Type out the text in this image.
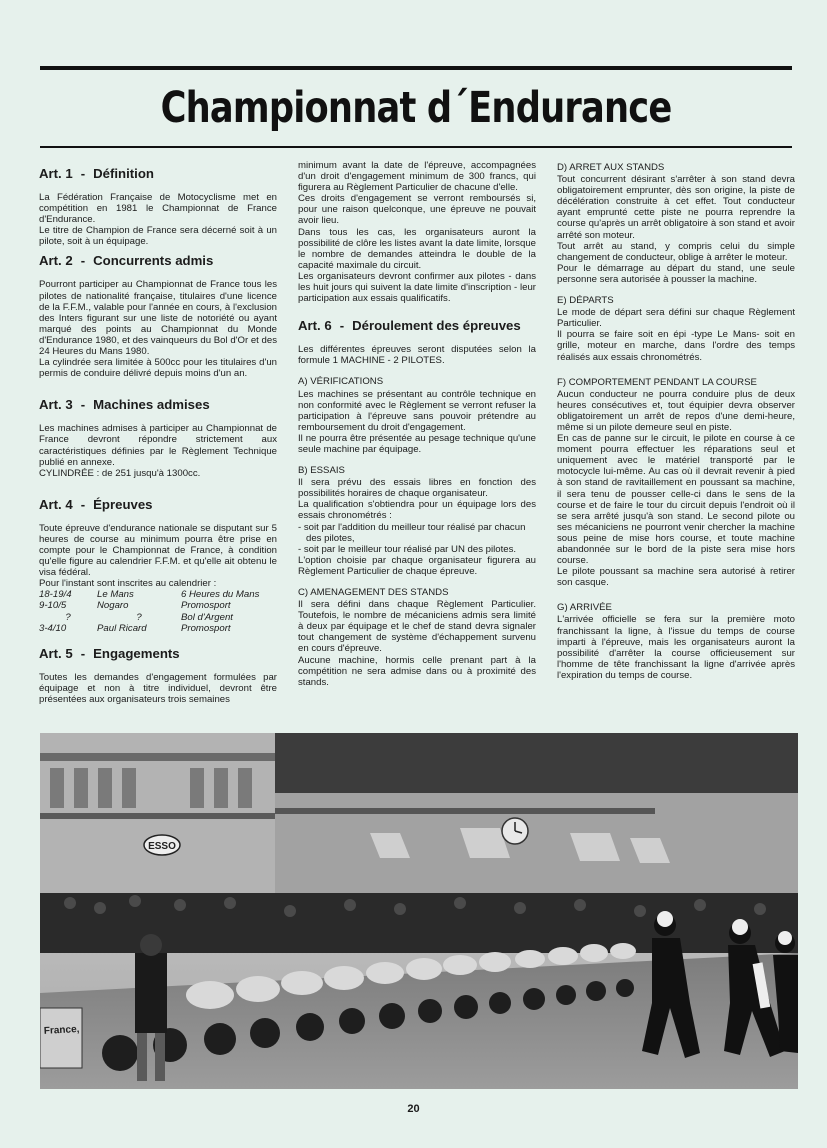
Championnat d´Endurance
Art. 1 - Définition

La Fédération Française de Motocyclisme met en compétition en 1981 le Championnat de France d'Endurance.

Le titre de Champion de France sera décerné soit à un pilote, soit à un équipage.

Art. 2 - Concurrents admis

Pourront participer au Championnat de France tous les pilotes de nationalité française, titulaires d'une licence de la F.F.M., valable pour l'année en cours, à l'exclusion des Inters figurant sur une liste de notoriété ou ayant marqué des points au Championnat du Monde d'Endurance 1980, et des vainqueurs du Bol d'Or et des 24 Heures du Mans 1980.

La cylindrée sera limitée à 500cc pour les titulaires d'un permis de conduire délivré depuis moins d'un an.

Art. 3 - Machines admises

Les machines admises à participer au Championnat de France devront répondre strictement aux caractéristiques définies par le Règlement Technique publié en annexe.

CYLINDRÉE : de 251 jusqu'à 1300cc.

Art. 4 - Épreuves

Toute épreuve d'endurance nationale se disputant sur 5 heures de course au minimum pourra être prise en compte pour le Championnat de France, à condition qu'elle figure au calendrier F.F.M. et qu'elle ait obtenu le visa fédéral.

Pour l'instant sont inscrites au calendrier :

18-19/4	Le Mans	6 Heures du Mans
9-10/5	Nogaro	Promosport
?	?	Bol d'Argent
3-4/10	Paul Ricard	Promosport
Art. 5 - Engagements

Toutes les demandes d'engagement formulées par équipage et non à titre individuel, devront être présentées aux organisateurs trois semaines

minimum avant la date de l'épreuve, accompagnées d'un droit d'engagement minimum de 300 francs, qui figurera au Règlement Particulier de chacune d'elle.

Ces droits d'engagement se verront remboursés si, pour une raison quelconque, une épreuve ne pouvait avoir lieu.

Dans tous les cas, les organisateurs auront la possibilité de clôre les listes avant la date limite, lorsque le nombre de demandes atteindra le double de la capacité maximale du circuit.

Les organisateurs devront confirmer aux pilotes - dans les huit jours qui suivent la date limite d'inscription - leur participation aux essais qualificatifs.

Art. 6 - Déroulement des épreuves

Les différentes épreuves seront disputées selon la formule 1 MACHINE - 2 PILOTES.

A) VÉRIFICATIONS

Les machines se présentant au contrôle technique en non conformité avec le Règlement se verront refuser la participation à l'épreuve sans pouvoir prétendre au remboursement du droit d'engagement.

Il ne pourra être présentée au pesage technique qu'une seule machine par équipage.

B) ESSAIS

Il sera prévu des essais libres en fonction des possibilités horaires de chaque organisateur.

La qualification s'obtiendra pour un équipage lors des essais chronométrés :

- soit par l'addition du meilleur tour réalisé par chacun des pilotes,

- soit par le meilleur tour réalisé par UN des pilotes.

L'option choisie par chaque organisateur figurera au Règlement Particulier de chaque épreuve.

C) AMENAGEMENT DES STANDS

Il sera défini dans chaque Règlement Particulier. Toutefois, le nombre de mécaniciens admis sera limité à deux par équipage et le chef de stand devra signaler tout changement de système d'échappement survenu en cours d'épreuve.

Aucune machine, hormis celle prenant part à la compétition ne sera admise dans ou à proximité des stands.

D) ARRET AUX STANDS

Tout concurrent désirant s'arrêter à son stand devra obligatoirement emprunter, dès son origine, la piste de décélération construite à cet effet. Tout conducteur ayant emprunté cette piste ne pourra reprendre la course qu'après un arrêt obligatoire à son stand et avoir arrêté son moteur.

Tout arrêt au stand, y compris celui du simple changement de conducteur, oblige à arrêter le moteur.

Pour le démarrage au départ du stand, une seule personne sera autorisée à pousser la machine.

E) DÉPARTS

Le mode de départ sera défini sur chaque Règlement Particulier.

Il pourra se faire soit en épi -type Le Mans- soit en grille, moteur en marche, dans l'ordre des temps réalisés aux essais chronométrés.

F) COMPORTEMENT PENDANT LA COURSE

Aucun conducteur ne pourra conduire plus de deux heures consécutives et, tout équipier devra observer obligatoirement un arrêt de repos d'une demi-heure, même si un pilote demeure seul en piste.

En cas de panne sur le circuit, le pilote en course à ce moment pourra effectuer les réparations seul et uniquement avec le matériel transporté par le motocycle lui-même. Au cas où il devrait revenir à pied à son stand de ravitaillement en poussant sa machine, il sera tenu de pousser celle-ci dans le sens de la course et de faire le tour du circuit depuis l'endroit où il se sera arrêté jusqu'à son stand. Le second pilote ou ses mécaniciens ne pourront venir chercher la machine sous peine de mise hors course, et toute machine abandonnée sur le bord de la piste sera mise hors course.

Le pilote poussant sa machine sera autorisé à retirer son casque.

G) ARRIVÉE

L'arrivée officielle se fera sur la première moto franchissant la ligne, à l'issue du temps de course imparti à l'épreuve, mais les organisateurs auront la possibilité d'arrêter la course officieusement sur l'homme de tête franchissant la ligne d'arrivée après l'expiration du temps de course.

ESSO
France,
20
